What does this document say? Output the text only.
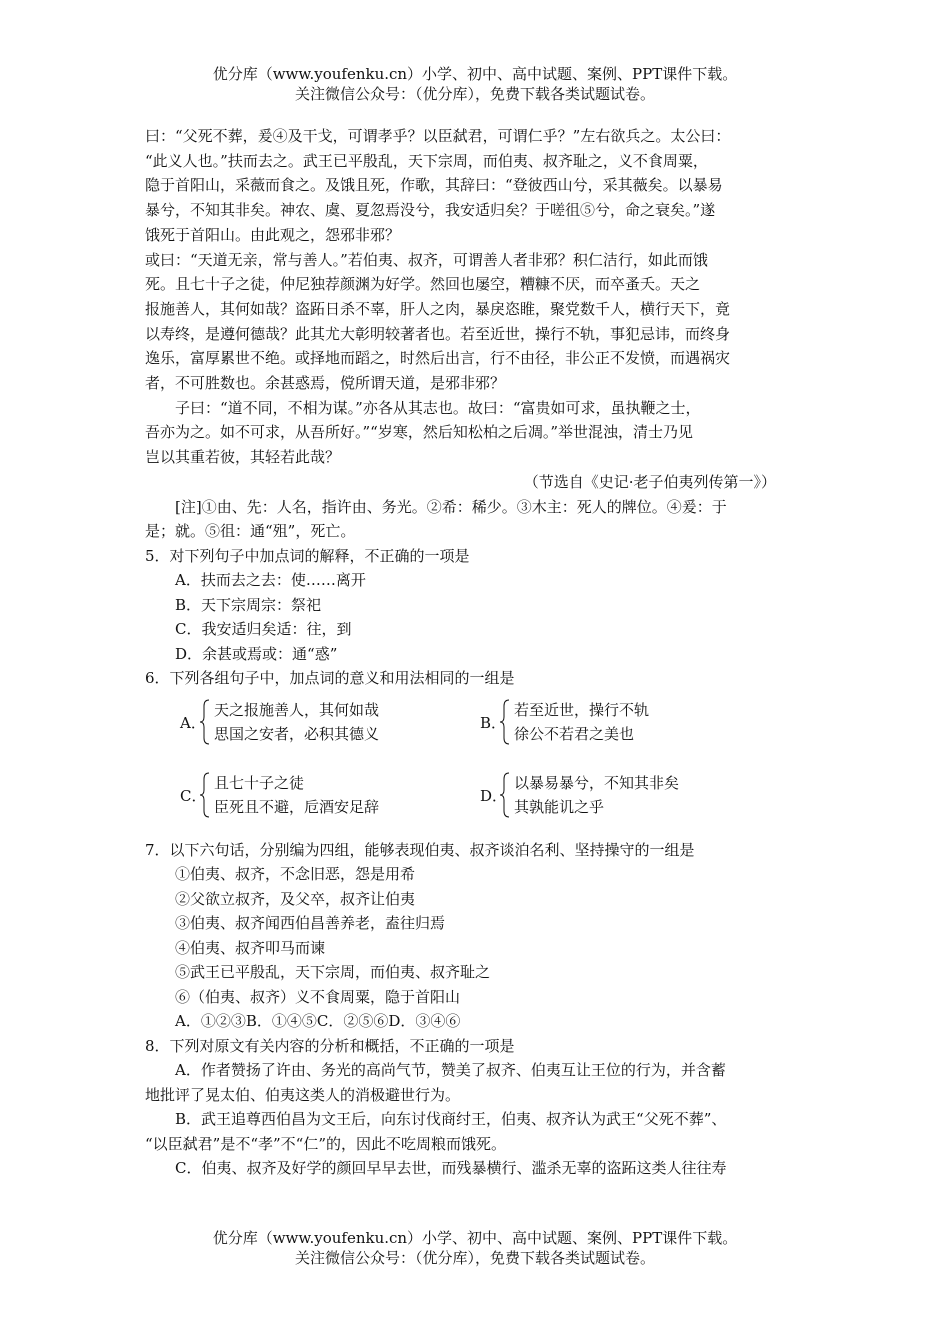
优分库（www.youfenku.cn）小学、初中、高中试题、案例、PPT课件下载。
关注微信公众号：（优分库），免费下载各类试题试卷。

曰：“父死不葬，爰④及干戈，可谓孝乎？以臣弑君，可谓仁乎？”左右欲兵之。太公曰：

“此义人也。”扶而去之。武王已平殷乱，天下宗周，而伯夷、叔齐耻之，义不食周粟，

隐于首阳山，采薇而食之。及饿且死，作歌，其辞曰：“登彼西山兮，采其薇矣。以暴易

暴兮，不知其非矣。神农、虞、夏忽焉没兮，我安适归矣？于嗟徂⑤兮，命之衰矣。”遂

饿死于首阳山。由此观之，怨邪非邪？

或曰：“天道无亲，常与善人。”若伯夷、叔齐，可谓善人者非邪？积仁洁行，如此而饿

死。且七十子之徒，仲尼独荐颜渊为好学。然回也屡空，糟糠不厌，而卒蚤夭。天之

报施善人，其何如哉？盗跖日杀不辜，肝人之肉，暴戾恣睢，聚党数千人，横行天下，竟

以寿终，是遵何德哉？此其尤大彰明较著者也。若至近世，操行不轨，事犯忌讳，而终身

逸乐，富厚累世不绝。或择地而蹈之，时然后出言，行不由径，非公正不发愤，而遇祸灾

者，不可胜数也。余甚惑焉，傥所谓天道，是邪非邪？

子曰：“道不同，不相为谋。”亦各从其志也。故曰：“富贵如可求，虽执鞭之士，

吾亦为之。如不可求，从吾所好。”“岁寒，然后知松柏之后凋。”举世混浊，清士乃见

岂以其重若彼，其轻若此哉？

（节选自《史记·老子伯夷列传第一》）

[注]①由、先：人名，指许由、务光。②希：稀少。③木主：死人的牌位。④爰：于

是；就。⑤徂：通“殂”，死亡。

5．对下列句子中加点词的解释，不正确的一项是

A．扶而去之去：使……离开

B．天下宗周宗：祭祀

C．我安适归矣适：往，到

D．余甚或焉或：通“惑”

6．下列各组句子中，加点词的意义和用法相同的一组是

A．
天之报施善人，其何如哉
思国之安者，必积其德义
B．
若至近世，操行不轨
徐公不若君之美也
C．
且七十子之徒
臣死且不避，卮酒安足辞
D．
以暴易暴兮，不知其非矣
其孰能讥之乎

7．以下六句话，分别编为四组，能够表现伯夷、叔齐谈泊名利、坚持操守的一组是

①伯夷、叔齐，不念旧恶，怨是用希

②父欲立叔齐，及父卒，叔齐让伯夷

③伯夷、叔齐闻西伯昌善养老，盍往归焉

④伯夷、叔齐叩马而谏

⑤武王已平殷乱，天下宗周，而伯夷、叔齐耻之

⑥（伯夷、叔齐）义不食周粟，隐于首阳山

A．①②③B．①④⑤C．②⑤⑥D．③④⑥

8．下列对原文有关内容的分析和概括，不正确的一项是

A．作者赞扬了许由、务光的高尚气节，赞美了叔齐、伯夷互让王位的行为，并含蓄

地批评了晃太伯、伯夷这类人的消极避世行为。

B．武王追尊西伯昌为文王后，向东讨伐商纣王，伯夷、叔齐认为武王“父死不葬”、

“以臣弑君”是不“孝”不“仁”的，因此不吃周粮而饿死。

C．伯夷、叔齐及好学的颜回早早去世，而残暴横行、滥杀无辜的盗跖这类人往往寿

优分库（www.youfenku.cn）小学、初中、高中试题、案例、PPT课件下载。
关注微信公众号：（优分库），免费下载各类试题试卷。
